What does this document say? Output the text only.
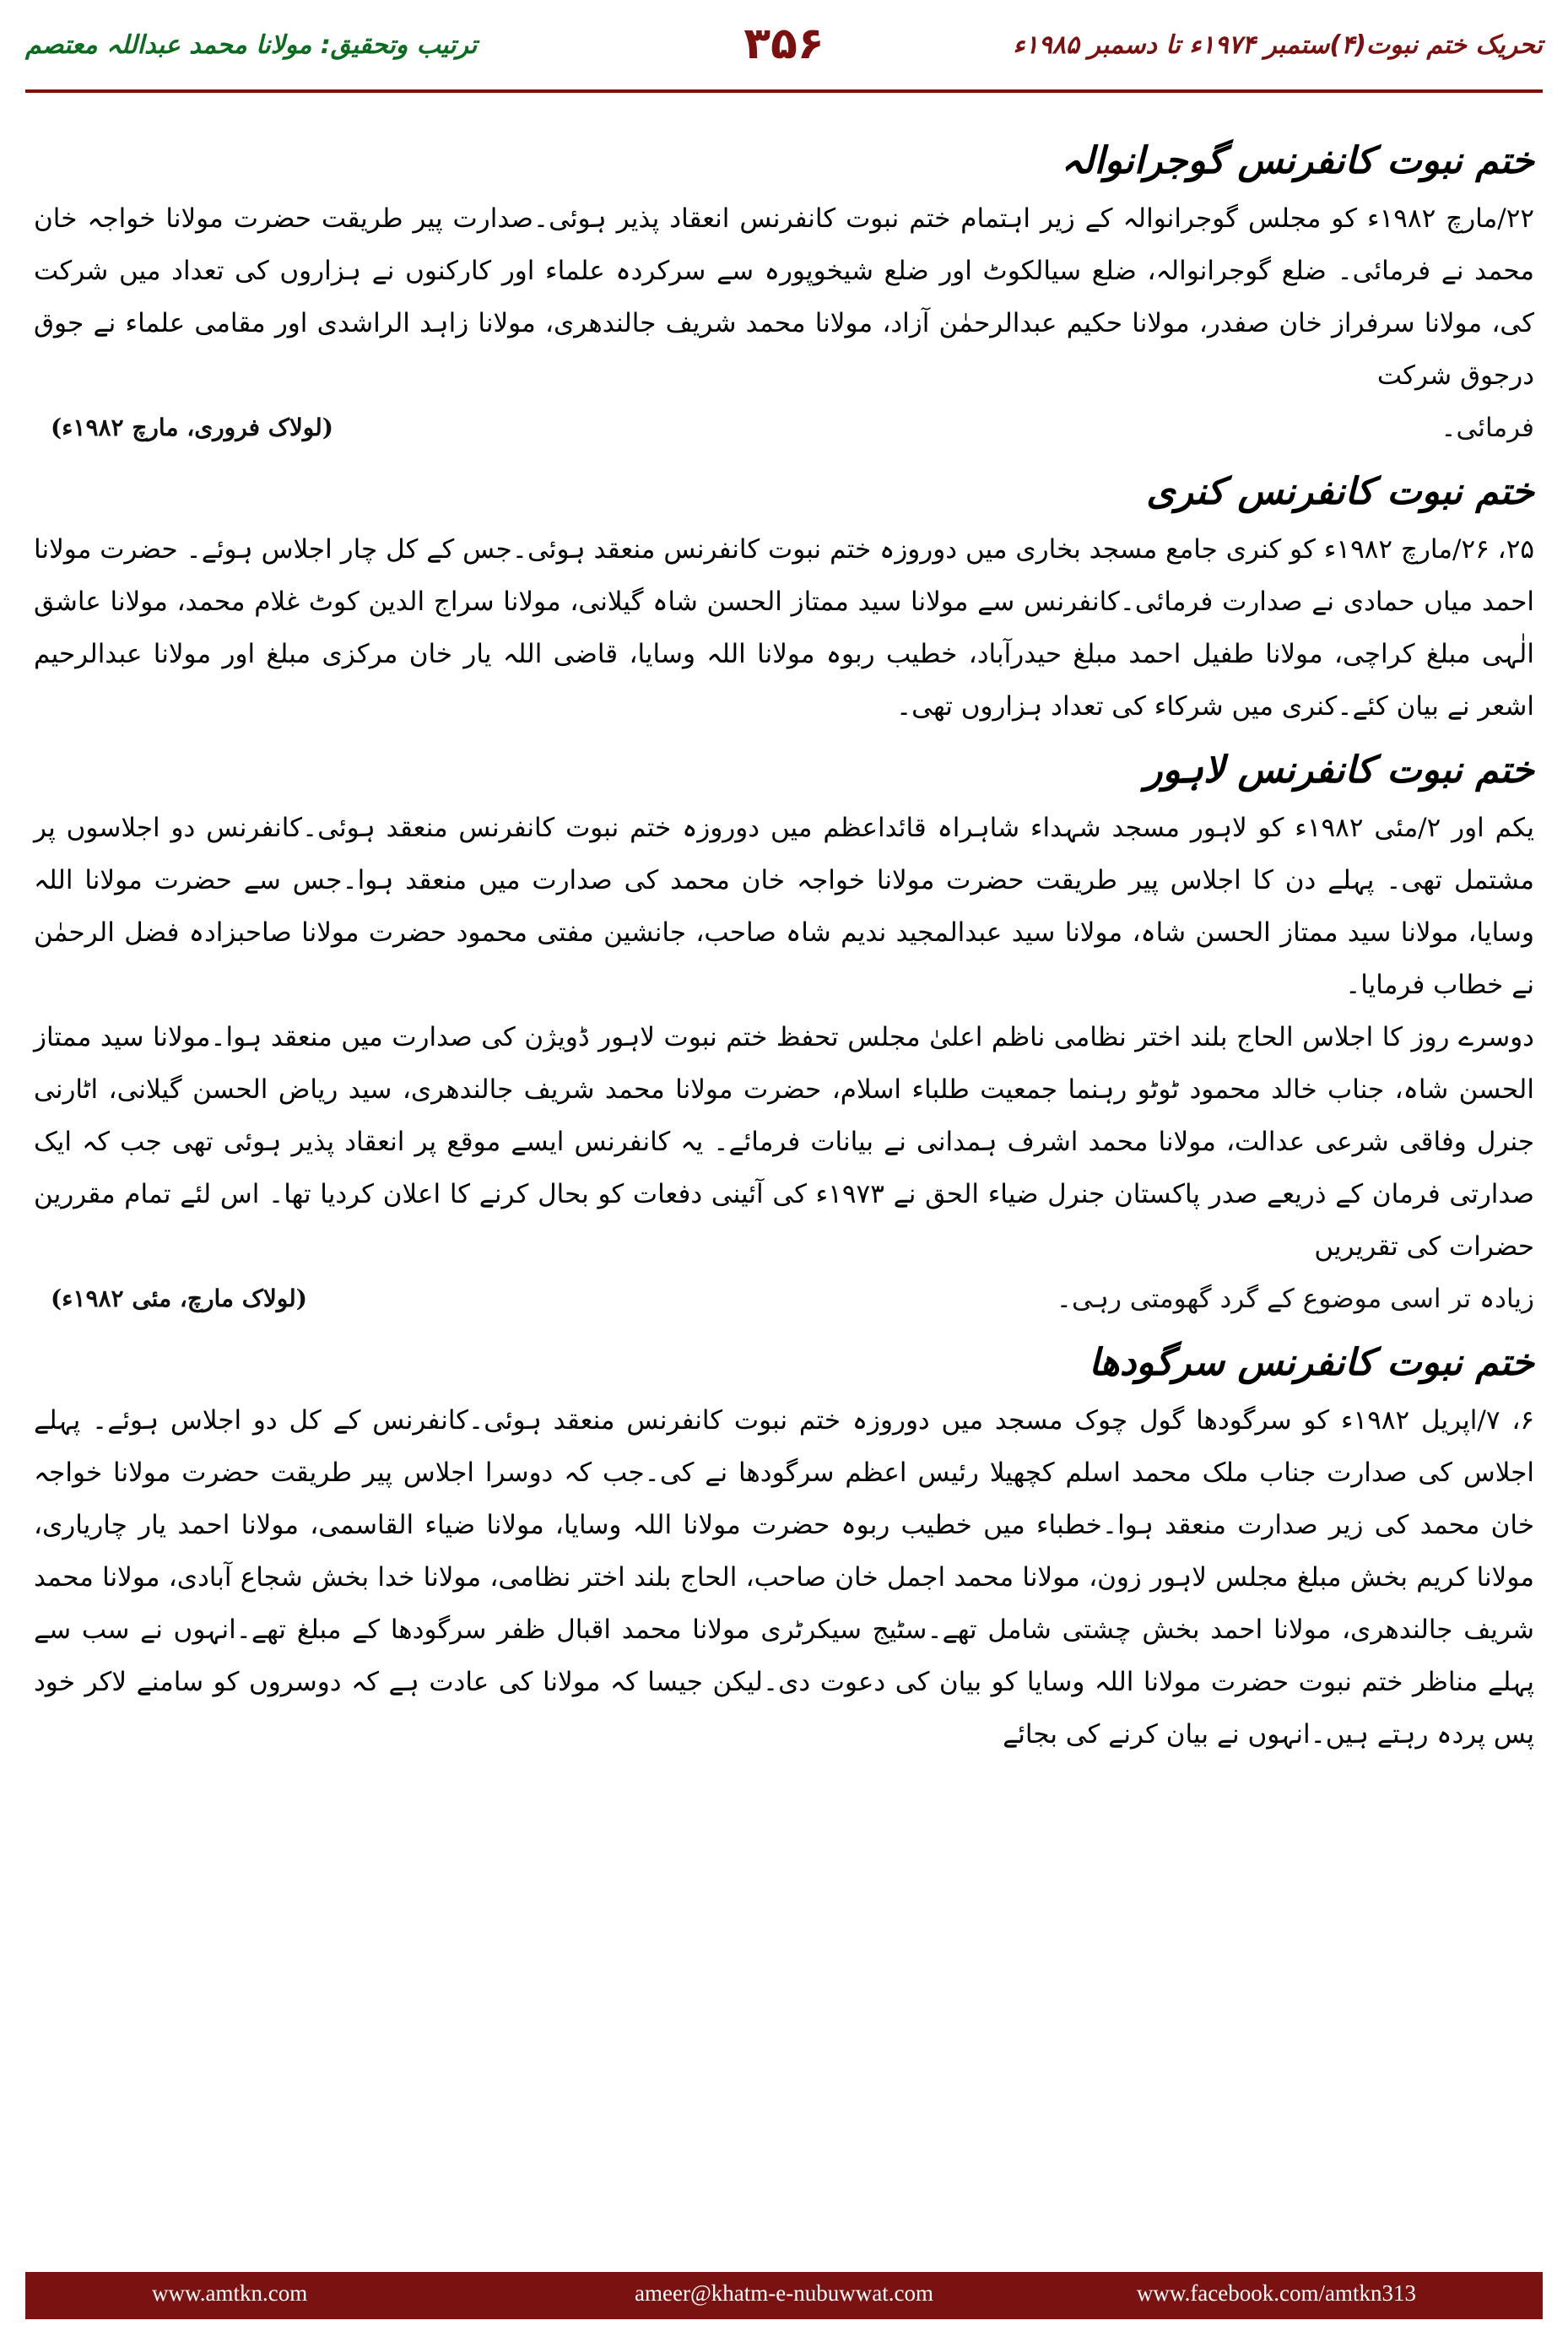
ترتیب وتحقیق: مولانا محمد عبداللہ معتصم	۳۵۶	تحریک ختم نبوت(۴)ستمبر ۱۹۷۴ء تا دسمبر ۱۹۸۵ء
ختم نبوت کانفرنس گوجرانوالہ

۲۲/مارچ ۱۹۸۲ء کو مجلس گوجرانوالہ کے زیر اہتمام ختم نبوت کانفرنس انعقاد پذیر ہوئی۔صدارت پیر طریقت حضرت مولانا خواجہ خان محمد نے فرمائی۔ ضلع گوجرانوالہ، ضلع سیالکوٹ اور ضلع شیخوپورہ سے سرکردہ علماء اور کارکنوں نے ہزاروں کی تعداد میں شرکت کی، مولانا سرفراز خان صفدر، مولانا حکیم عبدالرحمٰن آزاد، مولانا محمد شریف جالندھری، مولانا زاہد الراشدی اور مقامی علماء نے جوق درجوق شرکت

فرمائی۔
(لولاک فروری، مارچ ۱۹۸۲ء)
ختم نبوت کانفرنس کنری

۲۵، ۲۶/مارچ ۱۹۸۲ء کو کنری جامع مسجد بخاری میں دوروزہ ختم نبوت کانفرنس منعقد ہوئی۔جس کے کل چار اجلاس ہوئے۔ حضرت مولانا احمد میاں حمادی نے صدارت فرمائی۔کانفرنس سے مولانا سید ممتاز الحسن شاہ گیلانی، مولانا سراج الدین کوٹ غلام محمد، مولانا عاشق الٰہی مبلغ کراچی، مولانا طفیل احمد مبلغ حیدرآباد، خطیب ربوہ مولانا اللہ وسایا، قاضی اللہ یار خان مرکزی مبلغ اور مولانا عبدالرحیم اشعر نے بیان کئے۔کنری میں شرکاء کی تعداد ہزاروں تھی۔

ختم نبوت کانفرنس لاہور

یکم اور ۲/مئی ۱۹۸۲ء کو لاہور مسجد شہداء شاہراہ قائداعظم میں دوروزہ ختم نبوت کانفرنس منعقد ہوئی۔کانفرنس دو اجلاسوں پر مشتمل تھی۔ پہلے دن کا اجلاس پیر طریقت حضرت مولانا خواجہ خان محمد کی صدارت میں منعقد ہوا۔جس سے حضرت مولانا اللہ وسایا، مولانا سید ممتاز الحسن شاہ، مولانا سید عبدالمجید ندیم شاہ صاحب، جانشین مفتی محمود حضرت مولانا صاحبزادہ فضل الرحمٰن نے خطاب فرمایا۔

دوسرے روز کا اجلاس الحاج بلند اختر نظامی ناظم اعلیٰ مجلس تحفظ ختم نبوت لاہور ڈویژن کی صدارت میں منعقد ہوا۔مولانا سید ممتاز الحسن شاہ، جناب خالد محمود ٹوٹو رہنما جمعیت طلباء اسلام، حضرت مولانا محمد شریف جالندھری، سید ریاض الحسن گیلانی، اٹارنی جنرل وفاقی شرعی عدالت، مولانا محمد اشرف ہمدانی نے بیانات فرمائے۔ یہ کانفرنس ایسے موقع پر انعقاد پذیر ہوئی تھی جب کہ ایک صدارتی فرمان کے ذریعے صدر پاکستان جنرل ضیاء الحق نے ۱۹۷۳ء کی آئینی دفعات کو بحال کرنے کا اعلان کردیا تھا۔ اس لئے تمام مقررین حضرات کی تقریریں

زیادہ تر اسی موضوع کے گرد گھومتی رہی۔
(لولاک مارچ، مئی ۱۹۸۲ء)
ختم نبوت کانفرنس سرگودھا

۶، ۷/اپریل ۱۹۸۲ء کو سرگودھا گول چوک مسجد میں دوروزہ ختم نبوت کانفرنس منعقد ہوئی۔کانفرنس کے کل دو اجلاس ہوئے۔ پہلے اجلاس کی صدارت جناب ملک محمد اسلم کچھیلا رئیس اعظم سرگودھا نے کی۔جب کہ دوسرا اجلاس پیر طریقت حضرت مولانا خواجہ خان محمد کی زیر صدارت منعقد ہوا۔خطباء میں خطیب ربوہ حضرت مولانا اللہ وسایا، مولانا ضیاء القاسمی، مولانا احمد یار چاریاری، مولانا کریم بخش مبلغ مجلس لاہور زون، مولانا محمد اجمل خان صاحب، الحاج بلند اختر نظامی، مولانا خدا بخش شجاع آبادی، مولانا محمد شریف جالندھری، مولانا احمد بخش چشتی شامل تھے۔سٹیج سیکرٹری مولانا محمد اقبال ظفر سرگودھا کے مبلغ تھے۔انہوں نے سب سے پہلے مناظر ختم نبوت حضرت مولانا اللہ وسایا کو بیان کی دعوت دی۔لیکن جیسا کہ مولانا کی عادت ہے کہ دوسروں کو سامنے لاکر خود پس پردہ رہتے ہیں۔انہوں نے بیان کرنے کی بجائے

www.amtkn.com	ameer@khatm-e-nubuwwat.com	www.facebook.com/amtkn313
